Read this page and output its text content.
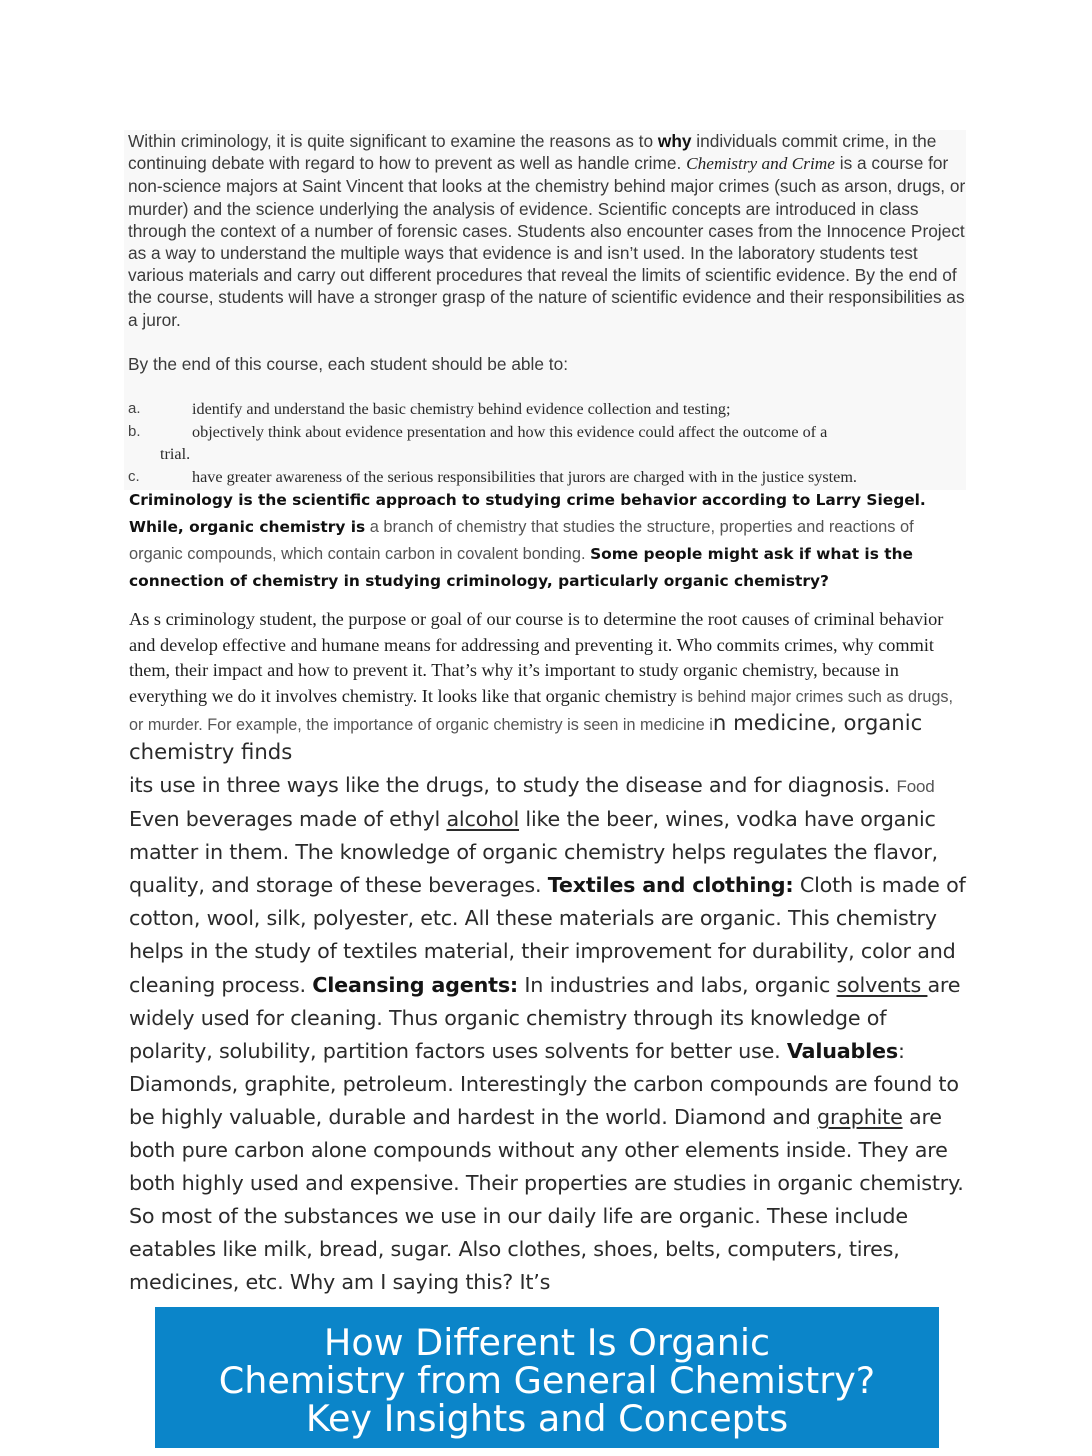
Within criminology, it is quite significant to examine the reasons as to why individuals commit crime, in the continuing debate with regard to how to prevent as well as handle crime. Chemistry and Crime is a course for non-science majors at Saint Vincent that looks at the chemistry behind major crimes (such as arson, drugs, or murder) and the science underlying the analysis of evidence. Scientific concepts are introduced in class through the context of a number of forensic cases. Students also encounter cases from the Innocence Project as a way to understand the multiple ways that evidence is and isn’t used. In the laboratory students test various materials and carry out different procedures that reveal the limits of scientific evidence. By the end of the course, students will have a stronger grasp of the nature of scientific evidence and their responsibilities as a juror.

By the end of this course, each student should be able to:

a.	identify and understand the basic chemistry behind evidence collection and testing;
b.	objectively think about evidence presentation and how this evidence could affect the outcome of a
trial.
c.	have greater awareness of the serious responsibilities that jurors are charged with in the justice system.
Criminology is the scientific approach to studying crime behavior according to Larry Siegel. While, organic chemistry is a branch of chemistry that studies the structure, properties and reactions of organic compounds, which contain carbon in covalent bonding. Some people might ask if what is the connection of chemistry in studying criminology, particularly organic chemistry?

As s criminology student, the purpose or goal of our course is to determine the root causes of criminal behavior and develop effective and humane means for addressing and preventing it. Who commits crimes, why commit them, their impact and how to prevent it. That’s why it’s important to study organic chemistry, because in everything we do it involves chemistry. It looks like that organic chemistry is behind major crimes such as drugs, or murder. For example, the importance of organic chemistry is seen in medicine in medicine, organic chemistry finds

its use in three ways like the drugs, to study the disease and for diagnosis. Food Even beverages made of ethyl alcohol like the beer, wines, vodka have organic matter in them. The knowledge of organic chemistry helps regulates the flavor, quality, and storage of these beverages. Textiles and clothing: Cloth is made of cotton, wool, silk, polyester, etc. All these materials are organic. This chemistry helps in the study of textiles material, their improvement for durability, color and cleaning process. Cleansing agents: In industries and labs, organic solvents are widely used for cleaning. Thus organic chemistry through its knowledge of polarity, solubility, partition factors uses solvents for better use. Valuables: Diamonds, graphite, petroleum. Interestingly the carbon compounds are found to be highly valuable, durable and hardest in the world. Diamond and graphite are both pure carbon alone compounds without any other elements inside. They are both highly used and expensive. Their properties are studies in organic chemistry. So most of the substances we use in our daily life are organic. These include eatables like milk, bread, sugar. Also clothes, shoes, belts, computers, tires, medicines, etc. Why am I saying this? It’s

How Different Is Organic
Chemistry from General Chemistry?
Key Insights and Concepts
